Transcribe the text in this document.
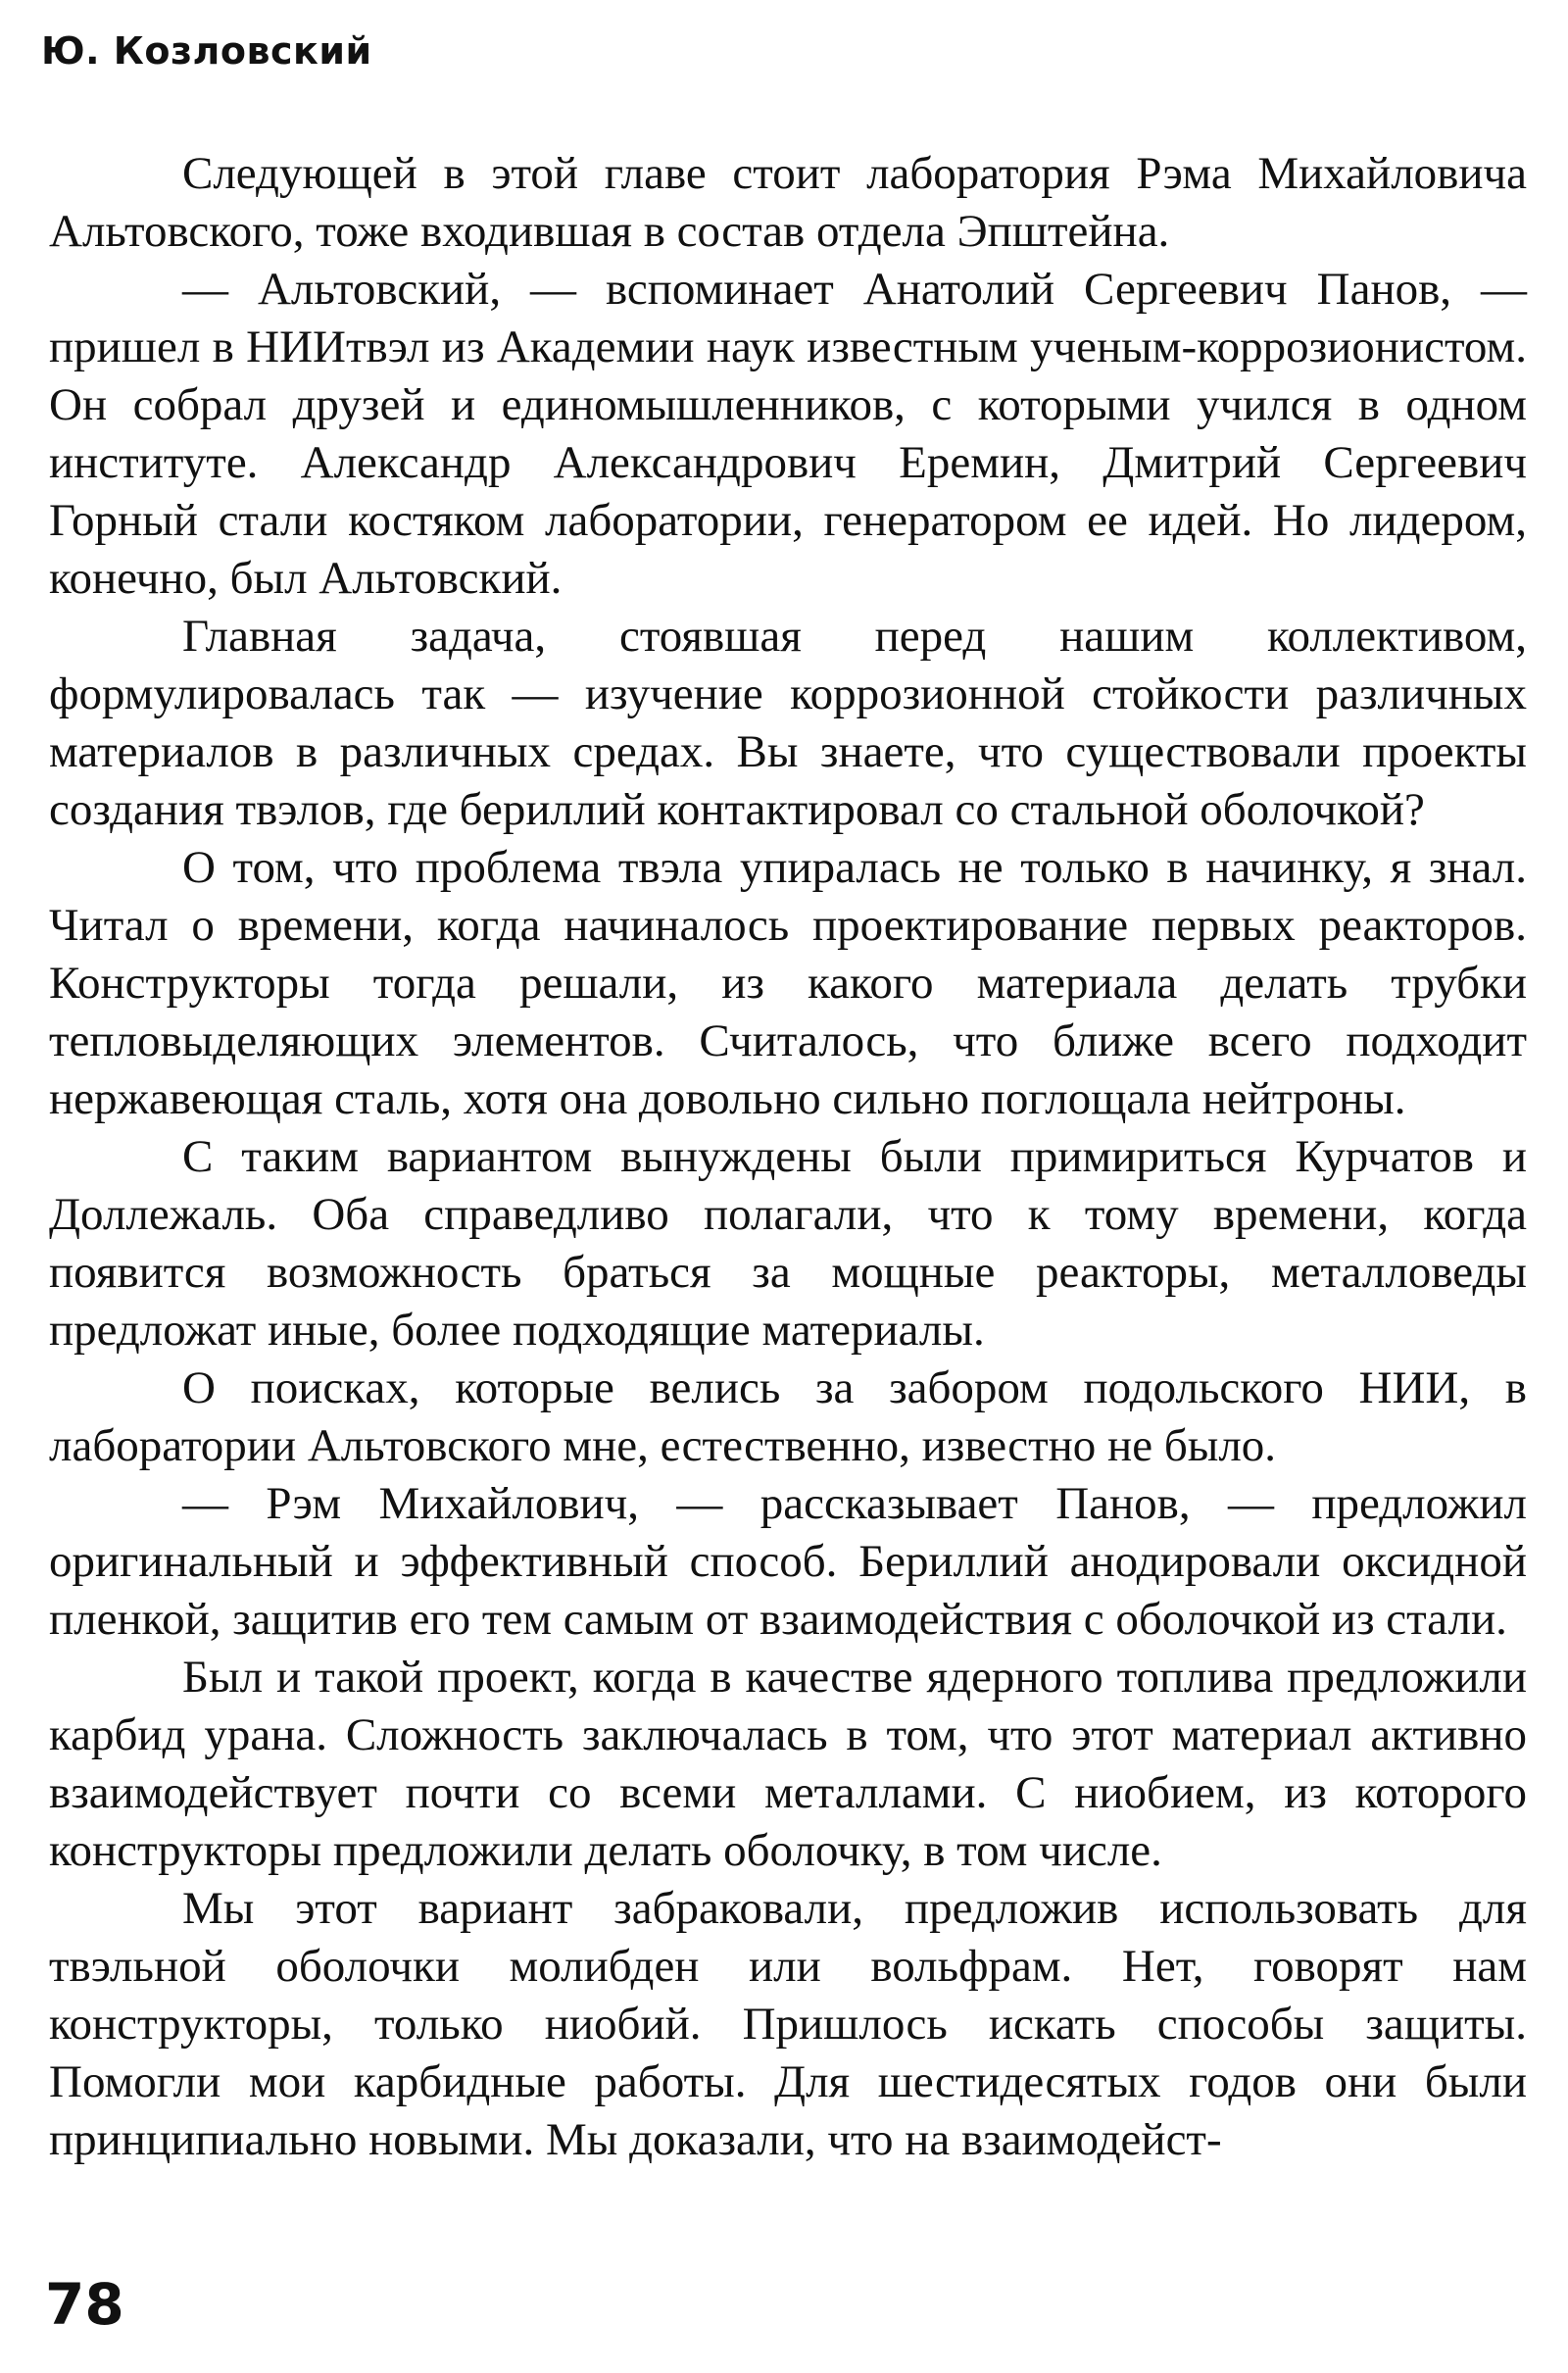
Ю. Козловский

Следующей в этой главе стоит лаборатория Рэма Михайловича Альтовского, тоже входившая в состав отдела Эпштейна.

— Альтовский, — вспоминает Анатолий Сергеевич Панов, — пришел в НИИтвэл из Академии наук известным ученым-коррозионистом. Он собрал друзей и единомышленников, с которыми учился в одном институте. Александр Александрович Еремин, Дмитрий Сергеевич Горный стали костяком лаборатории, генератором ее идей. Но лидером, конечно, был Альтовский.

Главная задача, стоявшая перед нашим коллективом, формулировалась так — изучение коррозионной стойкости различных материалов в различных средах. Вы знаете, что существовали проекты создания твэлов, где бериллий контактировал со стальной оболочкой?

О том, что проблема твэла упиралась не только в начинку, я знал. Читал о времени, когда начиналось проектирование первых реакторов. Конструкторы тогда решали, из какого материала делать трубки тепловыделяющих элементов. Считалось, что ближе всего подходит нержавеющая сталь, хотя она довольно сильно поглощала нейтроны.

С таким вариантом вынуждены были примириться Курчатов и Доллежаль. Оба справедливо полагали, что к тому времени, когда появится возможность браться за мощные реакторы, металловеды предложат иные, более подходящие материалы.

О поисках, которые велись за забором подольского НИИ, в лаборатории Альтовского мне, естественно, известно не было.

— Рэм Михайлович, — рассказывает Панов, — предложил оригинальный и эффективный способ. Бериллий анодировали оксидной пленкой, защитив его тем самым от взаимодействия с оболочкой из стали.

Был и такой проект, когда в качестве ядерного топлива предложили карбид урана. Сложность заключалась в том, что этот материал активно взаимодействует почти со всеми металлами. С ниобием, из которого конструкторы предложили делать оболочку, в том числе.

Мы этот вариант забраковали, предложив использовать для твэльной оболочки молибден или вольфрам. Нет, говорят нам конструкторы, только ниобий. Пришлось искать способы защиты. Помогли мои карбидные работы. Для шестидесятых годов они были принципиально новыми. Мы доказали, что на взаимодейст-

78
